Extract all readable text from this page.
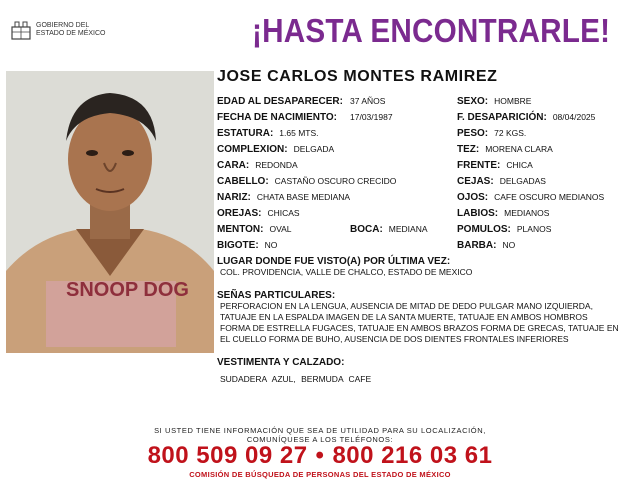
GOBIERNO DEL
ESTADO DE MÉXICO	¡HASTA ENCONTRARLE!
SNOOP DOG
JOSE CARLOS MONTES RAMIREZ
EDAD AL DESAPARECER: 37 AÑOS
FECHA DE NACIMIENTO: 17/03/1987
ESTATURA: 1.65 MTS.
COMPLEXION: DELGADA
CARA: REDONDA
CABELLO: CASTAÑO OSCURO CRECIDO
NARIZ: CHATA BASE MEDIANA
OREJAS: CHICAS
MENTON: OVAL	BOCA: MEDIANA
BIGOTE: NO
SEXO: HOMBRE
F. DESAPARICIÓN: 08/04/2025
PESO: 72 KGS.
TEZ: MORENA CLARA
FRENTE: CHICA
CEJAS: DELGADAS
OJOS: CAFE OSCURO MEDIANOS
LABIOS: MEDIANOS
POMULOS: PLANOS
BARBA: NO
LUGAR DONDE FUE VISTO(A) POR ÚLTIMA VEZ:
COL. PROVIDENCIA, VALLE DE CHALCO, ESTADO DE MEXICO
SEÑAS PARTICULARES:
PERFORACION EN LA LENGUA, AUSENCIA DE MITAD DE DEDO PULGAR MANO IZQUIERDA, TATUAJE EN LA ESPALDA IMAGEN DE LA SANTA MUERTE, TATUAJE EN AMBOS HOMBROS FORMA DE ESTRELLA FUGACES, TATUAJE EN AMBOS BRAZOS FORMA DE GRECAS, TATUAJE EN EL CUELLO FORMA DE BUHO, AUSENCIA DE DOS DIENTES FRONTALES INFERIORES
VESTIMENTA Y CALZADO:
SUDADERA AZUL, BERMUDA CAFE
SI USTED TIENE INFORMACIÓN QUE SEA DE UTILIDAD PARA SU LOCALIZACIÓN,
COMUNÍQUESE A LOS TELÉFONOS:
800 509 09 27 • 800 216 03 61
COMISIÓN DE BÚSQUEDA DE PERSONAS DEL ESTADO DE MÉXICO
